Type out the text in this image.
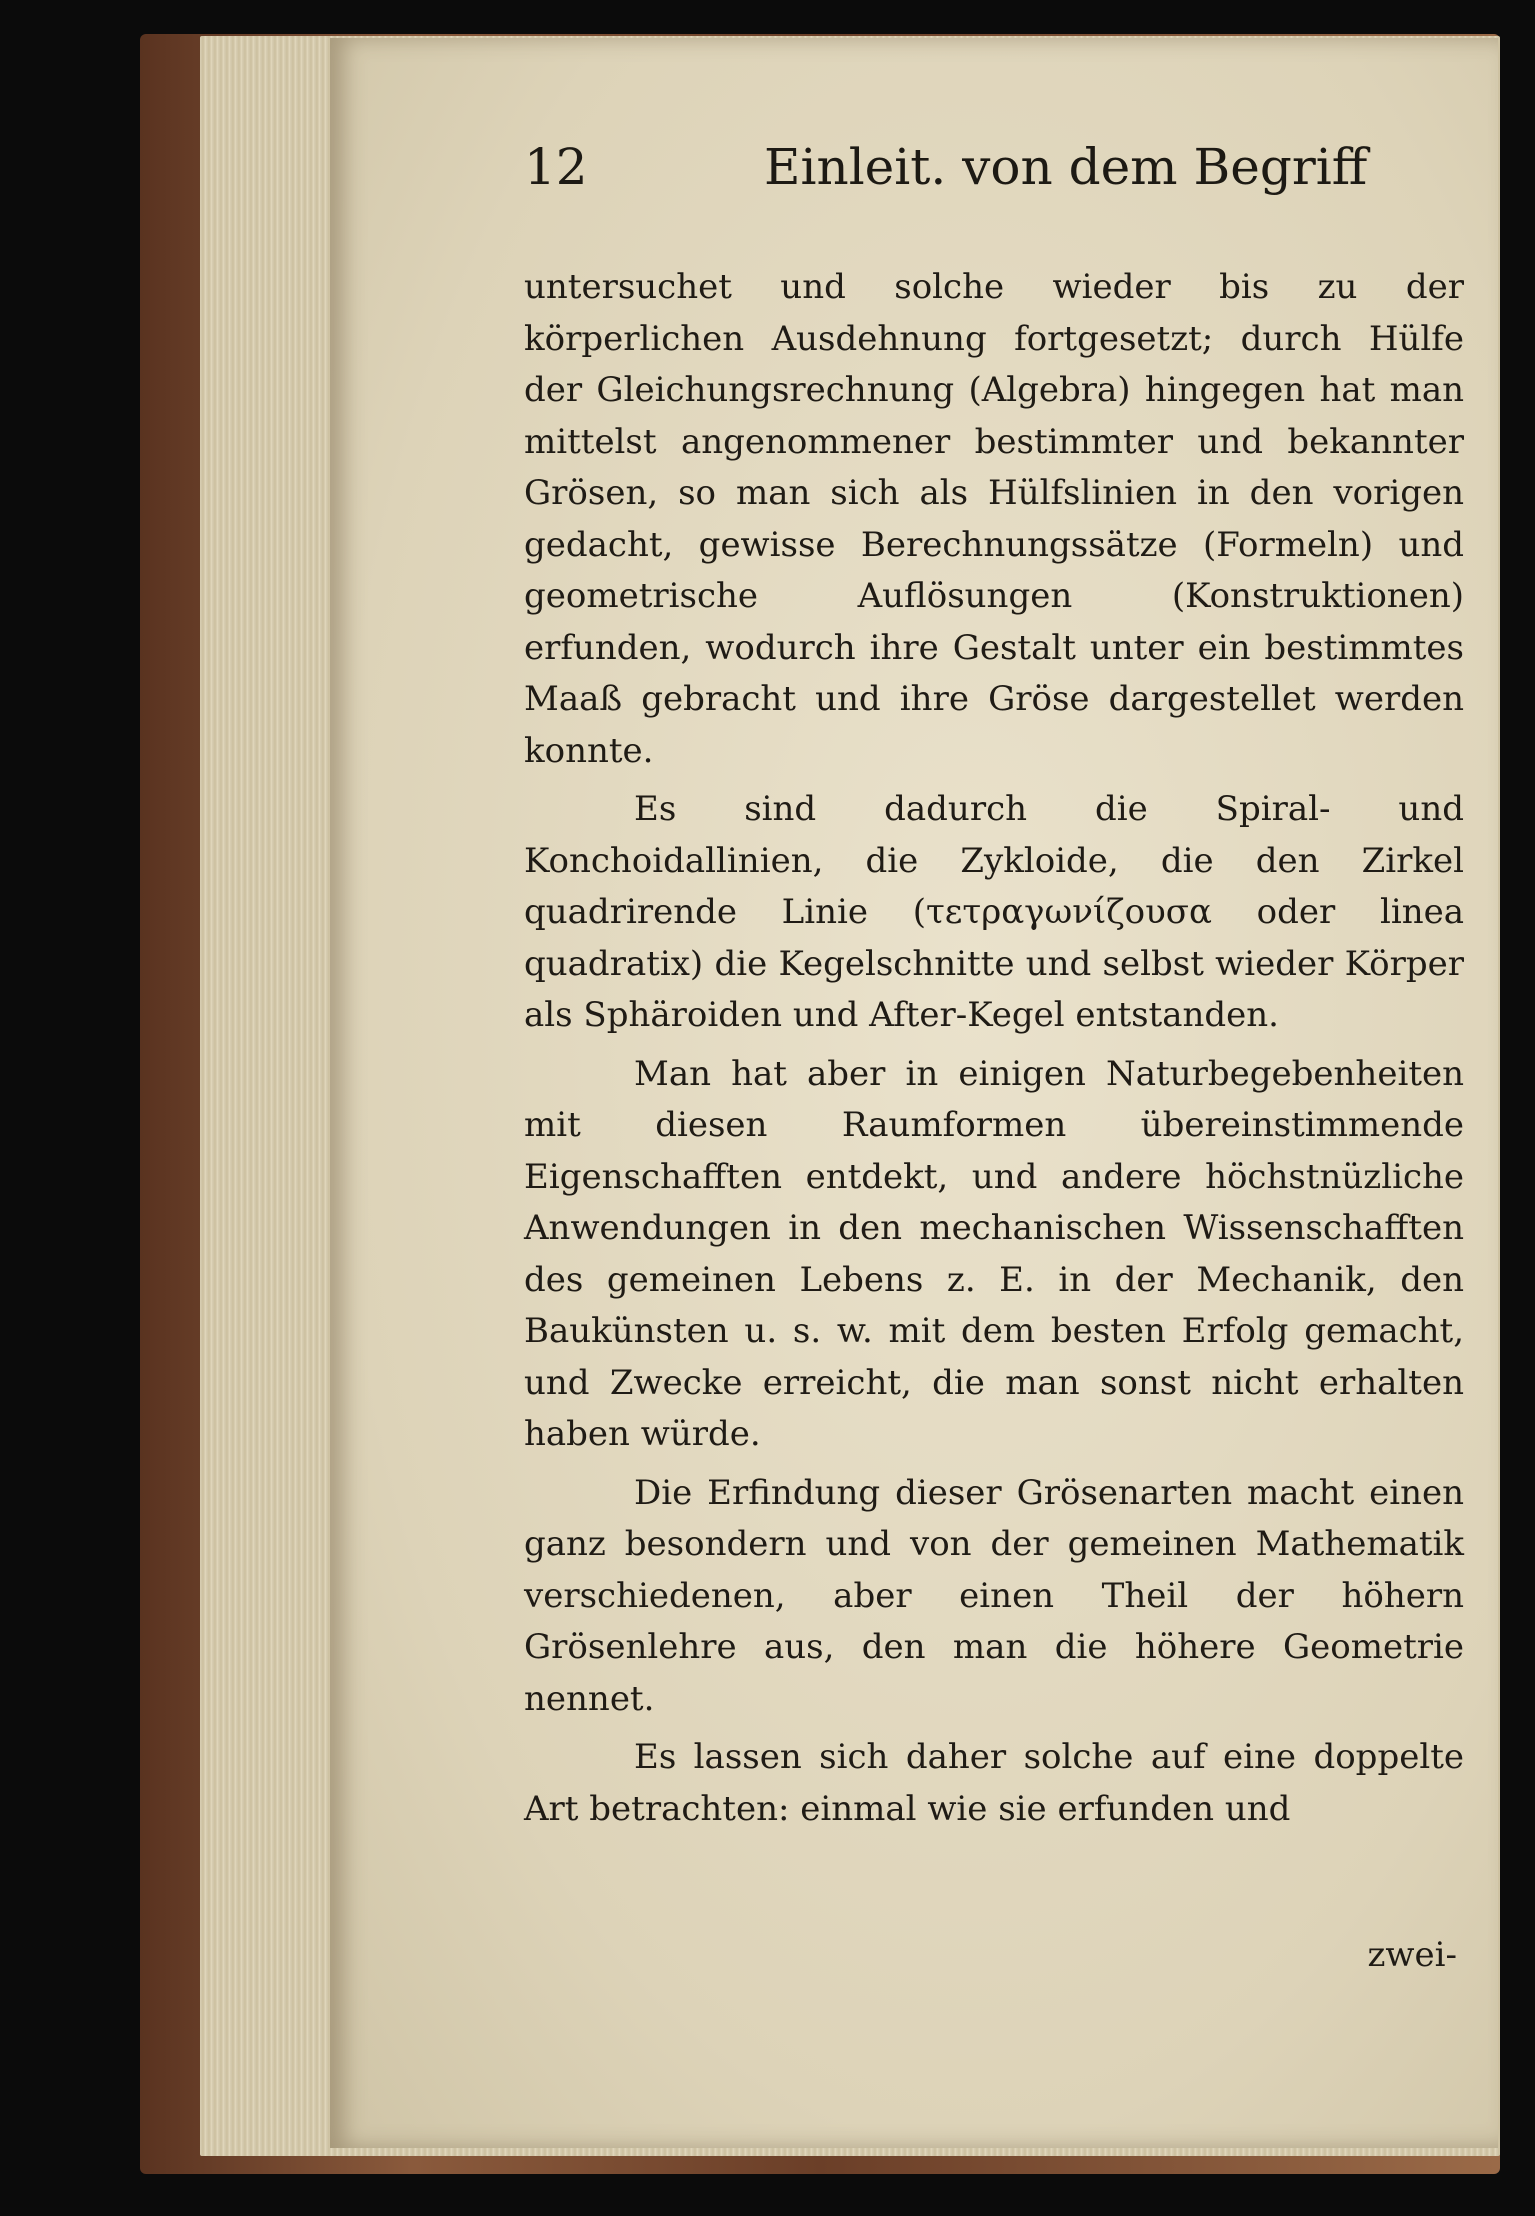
12	Einleit. von dem Begriff

untersuchet und solche wieder bis zu der körperlichen Ausdehnung fortgesetzt; durch Hülfe der Gleichungsrechnung (Algebra) hingegen hat man mittelst angenommener bestimmter und bekannter Grösen, so man sich als Hülfslinien in den vorigen gedacht, gewisse Berechnungssätze (Formeln) und geometrische Auflösungen (Konstruktionen) erfunden, wodurch ihre Gestalt unter ein bestimmtes Maaß gebracht und ihre Gröse dargestellet werden konnte.

Es sind dadurch die Spiral- und Konchoidallinien, die Zykloide, die den Zirkel quadrirende Linie (τετραγωνίζουσα oder linea quadratix) die Kegelschnitte und selbst wieder Körper als Sphäroiden und After-Kegel entstanden.

Man hat aber in einigen Naturbegebenheiten mit diesen Raumformen übereinstimmende Eigenschafften entdekt, und andere höchstnüzliche Anwendungen in den mechanischen Wissenschafften des gemeinen Lebens z. E. in der Mechanik, den Baukünsten u. s. w. mit dem besten Erfolg gemacht, und Zwecke erreicht, die man sonst nicht erhalten haben würde.

Die Erfindung dieser Grösenarten macht einen ganz besondern und von der gemeinen Mathematik verschiedenen, aber einen Theil der höhern Grösenlehre aus, den man die höhere Geometrie nennet.

Es lassen sich daher solche auf eine doppelte Art betrachten: einmal wie sie erfunden und

zwei-
